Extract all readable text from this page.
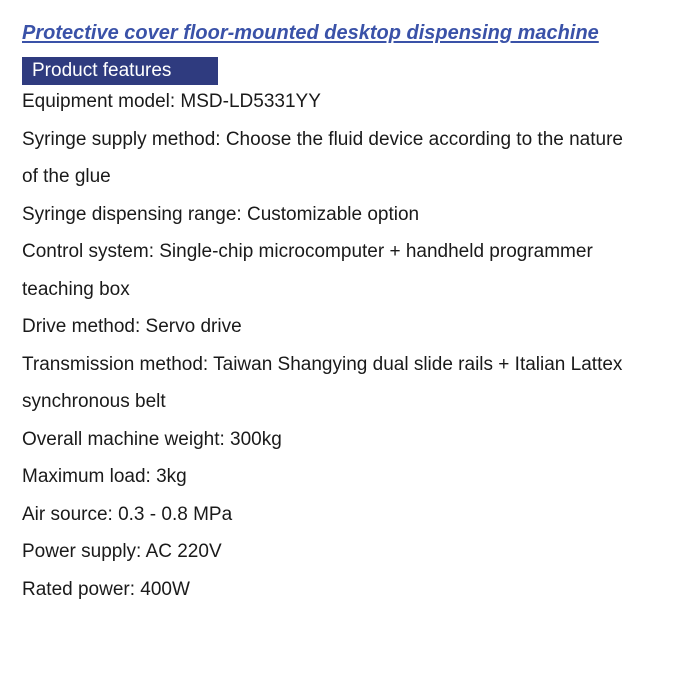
Protective cover floor-mounted desktop dispensing machine
Product features
Equipment model: MSD-LD5331YY
Syringe supply method: Choose the fluid device according to the nature
of the glue
Syringe dispensing range: Customizable option
Control system: Single-chip microcomputer + handheld programmer
teaching box
Drive method: Servo drive
Transmission method: Taiwan Shangying dual slide rails + Italian Lattex
synchronous belt
Overall machine weight: 300kg
Maximum load: 3kg
Air source: 0.3 - 0.8 MPa
Power supply: AC 220V
Rated power: 400W
